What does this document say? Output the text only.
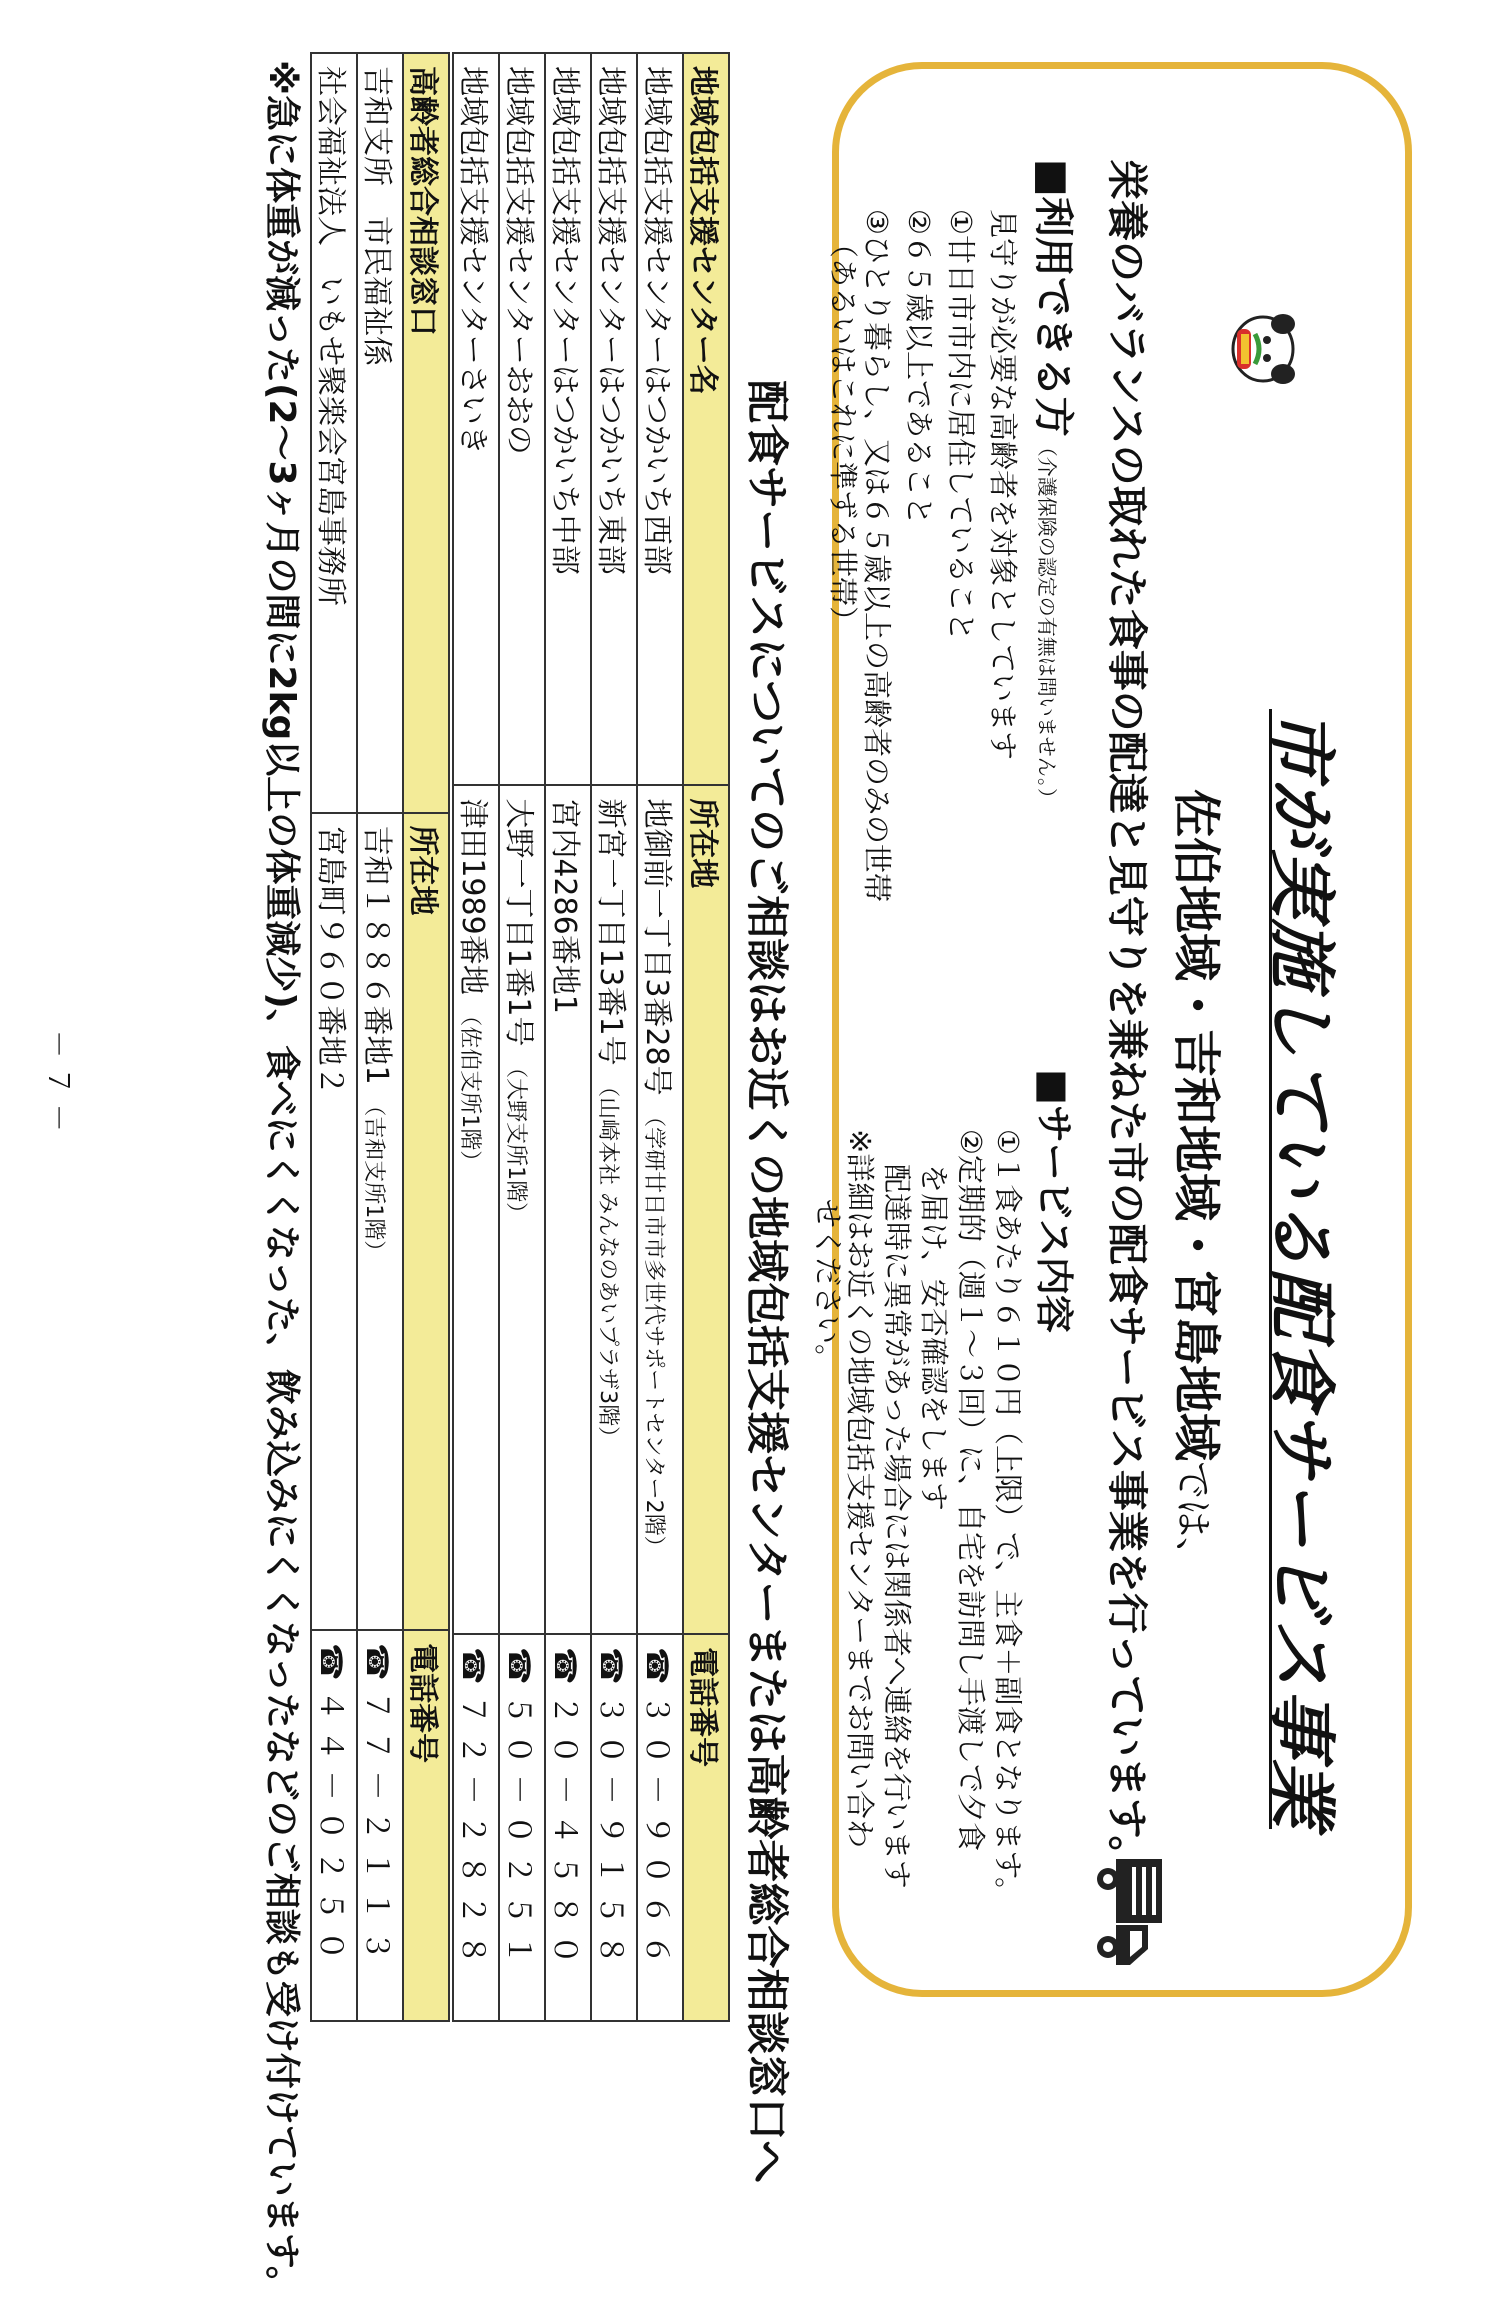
市が実施している配食サービス事業
佐伯地域・吉和地域・宮島地域では、
栄養のバランスの取れた食事の配達と見守りを兼ねた市の配食サービス事業を行っています。
■利用できる方（介護保険の認定の有無は問いません。）
見守りが必要な高齢者を対象としています
①廿日市市内に居住していること
②６５歳以上であること
③ひとり暮らし、又は６５歳以上の高齢者のみの世帯
（あるいはこれに準ずる世帯）
■サービス内容
①１食あたり６１０円（上限）で、主食＋副食となります。
②定期的（週１～３回）に、自宅を訪問し手渡しで夕食
を届け、安否確認をします
配達時に異常があった場合には関係者へ連絡を行います
※詳細はお近くの地域包括支援センターまでお問い合わ
せください。
配食サービスについてのご相談はお近くの地域包括支援センターまたは高齢者総合相談窓口へ
地域包括支援センター名	所在地	電話番号
地域包括支援センターはつかいち西部	地御前一丁目3番28号 （学研廿日市市多世代サポートセンター2階）	☎３０－９０６６
地域包括支援センターはつかいち東部	新宮一丁目13番1号 （山崎本社 みんなのあいプラザ3階）	☎３０－９１５８
地域包括支援センターはつかいち中部	宮内4286番地1	☎２０－４５８０
地域包括支援センターおおの	大野一丁目1番1号 （大野支所1階）	☎５０－０２５１
地域包括支援センターさいき	津田1989番地 （佐伯支所1階）	☎７２－２８２８
高齢者総合相談窓口	所在地	電話番号
吉和支所　市民福祉係	吉和１８８６番地1 （吉和支所1階）	☎７７－２１１３
社会福祉法人　いもせ聚楽会宮島事務所	宮島町９６０番地２	☎４４－０２５０
※急に体重が減った(2～3ヶ月の間に2kg以上の体重減少)、食べにくくなった、飲み込みにくくなったなどのご相談も受け付けています。
－ ７ －
